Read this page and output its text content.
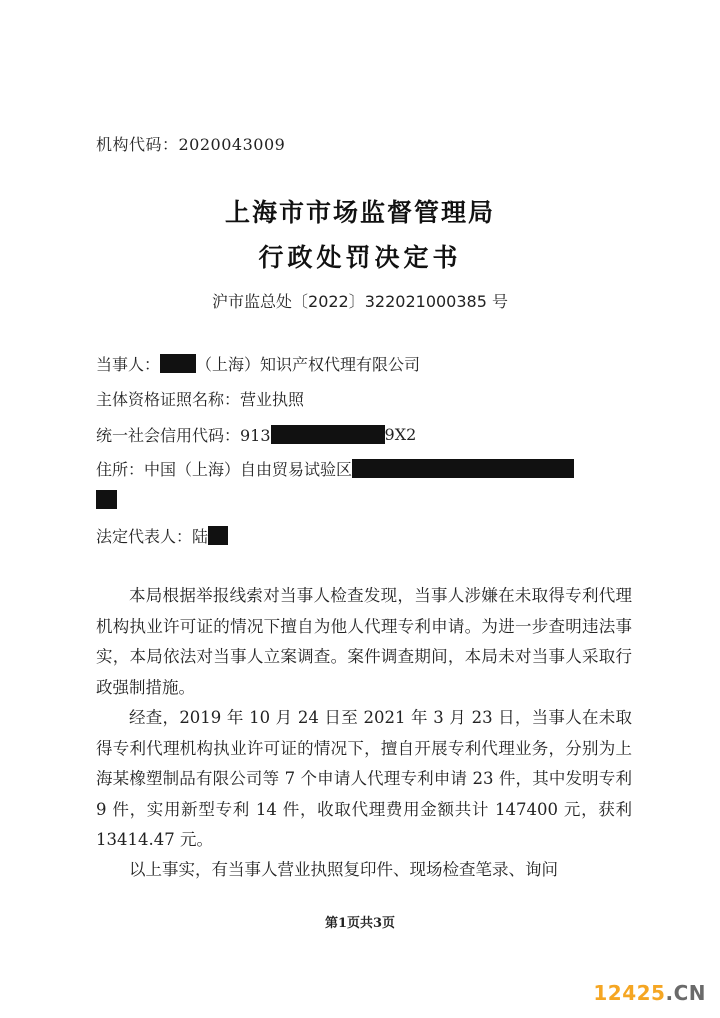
机构代码：2020043009
上海市市场监督管理局
行政处罚决定书
沪市监总处〔2022〕322021000385 号
当事人： （上海）知识产权代理有限公司
主体资格证照名称：营业执照
统一社会信用代码：913	9X2
住所：中国（上海）自由贸易试验区
法定代表人：陆

本局根据举报线索对当事人检查发现，当事人涉嫌在未取得专利代理机构执业许可证的情况下擅自为他人代理专利申请。为进一步查明违法事实，本局依法对当事人立案调查。案件调查期间，本局未对当事人采取行政强制措施。

经查，2019 年 10 月 24 日至 2021 年 3 月 23 日，当事人在未取得专利代理机构执业许可证的情况下，擅自开展专利代理业务，分别为上海某橡塑制品有限公司等 7 个申请人代理专利申请 23 件，其中发明专利 9 件，实用新型专利 14 件，收取代理费用金额共计 147400 元，获利 13414.47 元。

以上事实，有当事人营业执照复印件、现场检查笔录、询问

第1页共3页
12425.CN
